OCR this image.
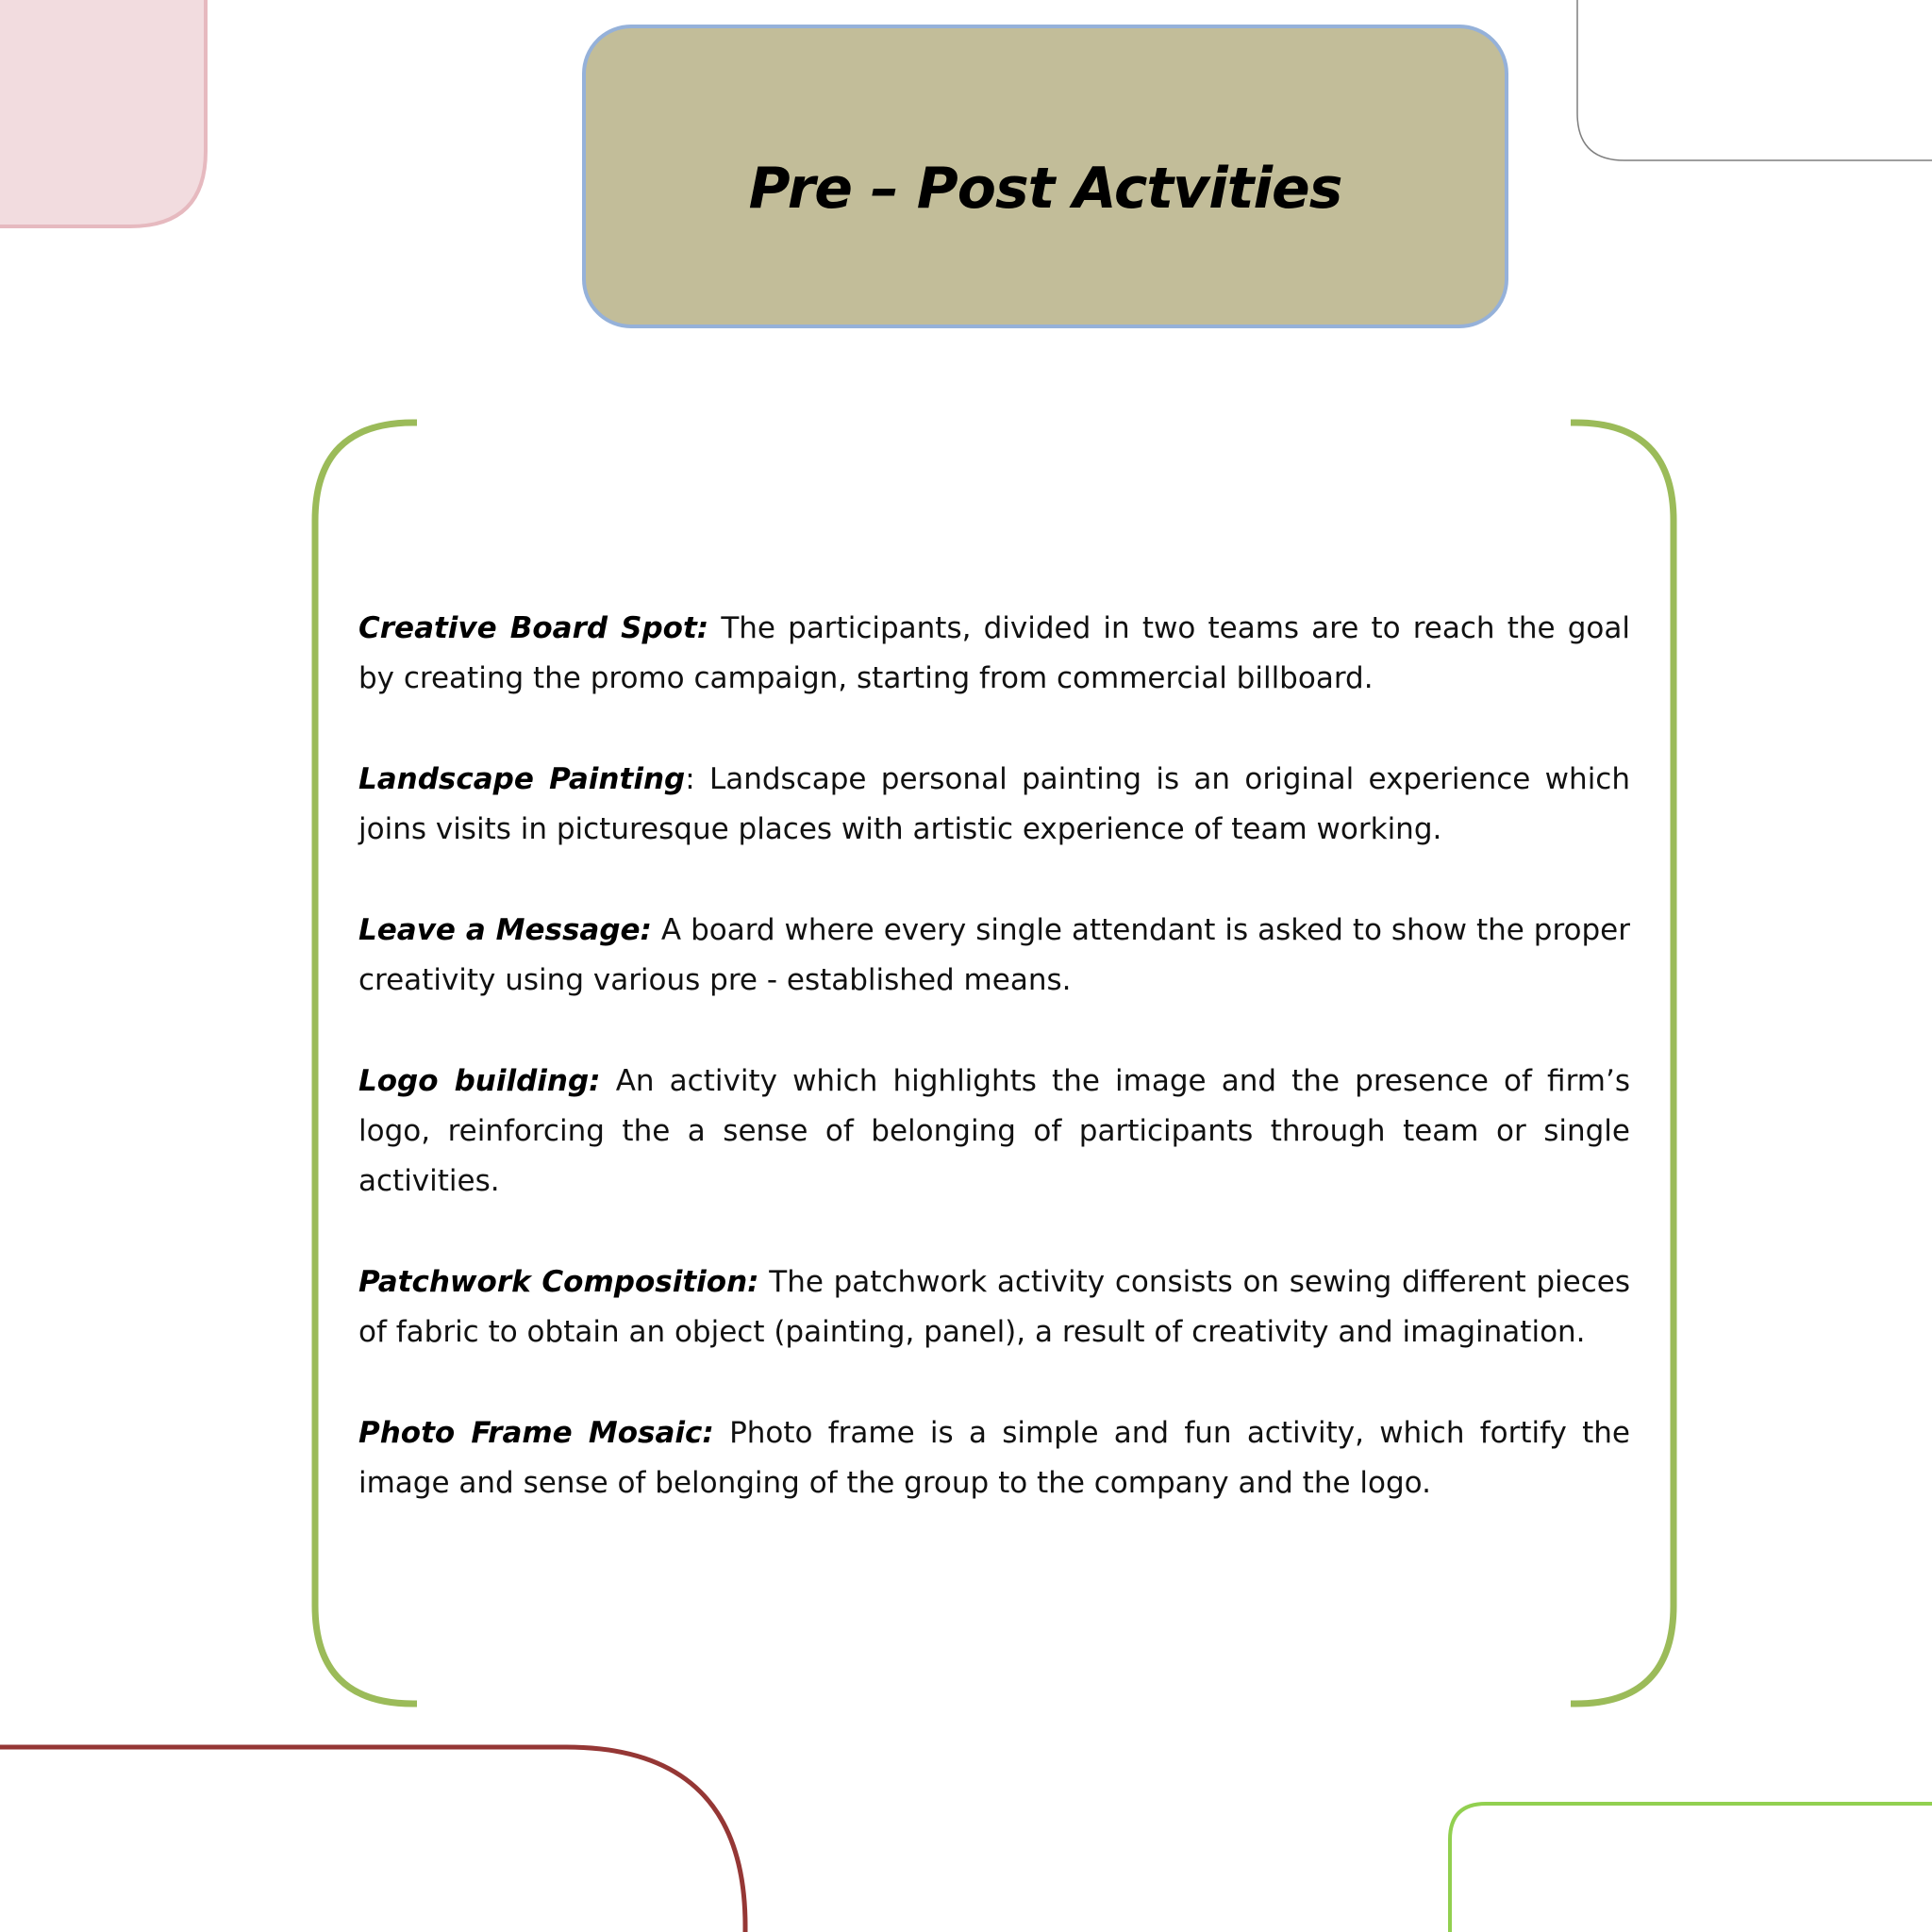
Pre – Post Actvities

Creative Board Spot: The participants, divided in two teams are to reach the goal by creating the promo campaign, starting from commercial billboard.

Landscape Painting: Landscape personal painting is an original experience which joins visits in picturesque places with artistic experience of team working.

Leave a Message: A board where every single attendant is asked to show the proper creativity using various pre - established means.

Logo building: An activity which highlights the image and the presence of firm’s logo, reinforcing the a sense of belonging of participants through team or single activities.

Patchwork Composition: The patchwork activity consists on sewing different pieces of fabric to obtain an object (painting, panel), a result of creativity and imagination.

Photo Frame Mosaic: Photo frame is a simple and fun activity, which fortify the image and sense of belonging of the group to the company and the logo.
